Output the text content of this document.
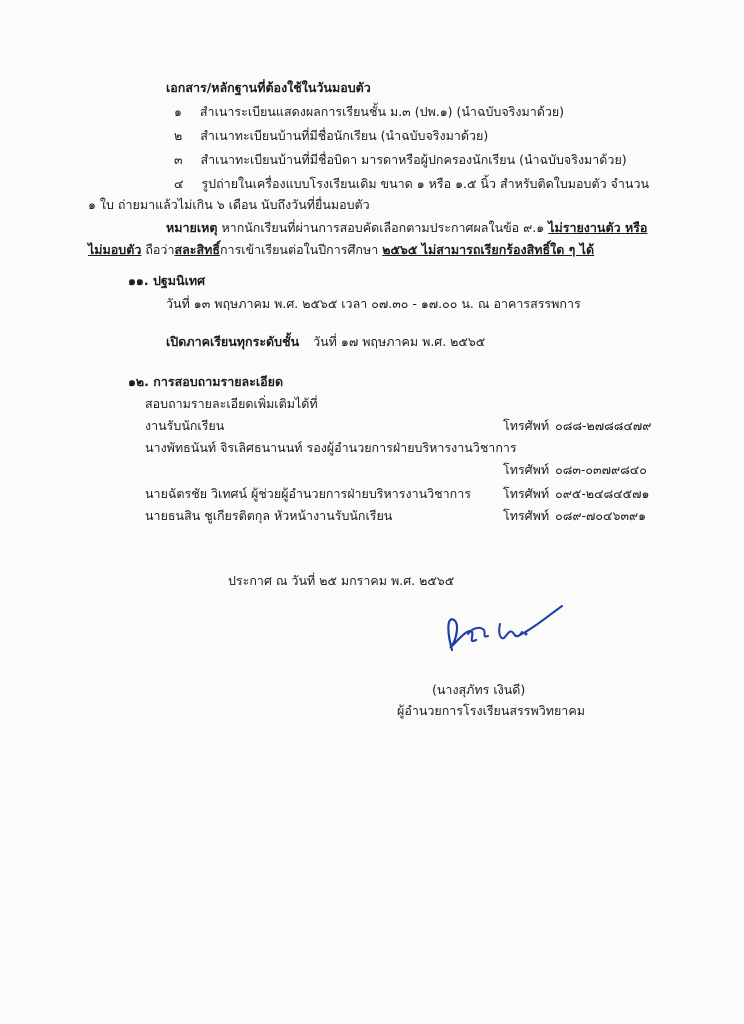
เอกสาร/หลักฐานที่ต้องใช้ในวันมอบตัว
๑ สำเนาระเบียนแสดงผลการเรียนชั้น ม.๓ (ปพ.๑) (นำฉบับจริงมาด้วย)
๒ สำเนาทะเบียนบ้านที่มีชื่อนักเรียน (นำฉบับจริงมาด้วย)
๓ สำเนาทะเบียนบ้านที่มีชื่อบิดา มารดาหรือผู้ปกครองนักเรียน (นำฉบับจริงมาด้วย)
๔ รูปถ่ายในเครื่องแบบโรงเรียนเดิม ขนาด ๑ หรือ ๑.๕ นิ้ว สำหรับติดใบมอบตัว จำนวน
๑ ใบ ถ่ายมาแล้วไม่เกิน ๖ เดือน นับถึงวันที่ยื่นมอบตัว
หมายเหตุ หากนักเรียนที่ผ่านการสอบคัดเลือกตามประกาศผลในข้อ ๙.๑ ไม่รายงานตัว หรือ
ไม่มอบตัว ถือว่าสละสิทธิ์การเข้าเรียนต่อในปีการศึกษา ๒๕๖๕ ไม่สามารถเรียกร้องสิทธิ์ใด ๆ ได้
๑๑. ปฐมนิเทศ
วันที่ ๑๓ พฤษภาคม พ.ศ. ๒๕๖๕ เวลา ๐๗.๓๐ - ๑๗.๐๐ น. ณ อาคารสรรพการ
เปิดภาคเรียนทุกระดับชั้น วันที่ ๑๗ พฤษภาคม พ.ศ. ๒๕๖๕
๑๒. การสอบถามรายละเอียด
สอบถามรายละเอียดเพิ่มเติมได้ที่
งานรับนักเรียน	โทรศัพท์ ๐๘๘-๒๗๘๘๔๗๙
นางพัทธนันท์ จิรเลิศธนานนท์ รองผู้อำนวยการฝ่ายบริหารงานวิชาการ
โทรศัพท์ ๐๘๓-๐๓๗๙๘๔๐
นายฉัตรชัย วิเทศน์ ผู้ช่วยผู้อำนวยการฝ่ายบริหารงานวิชาการ	โทรศัพท์ ๐๙๕-๒๔๘๔๕๗๑
นายธนสิน ชูเกียรติตกุล หัวหน้างานรับนักเรียน	โทรศัพท์ ๐๘๙-๗๐๔๖๓๙๑
ประกาศ ณ วันที่ ๒๕ มกราคม พ.ศ. ๒๕๖๕
(นางสุภัทร เงินดี)
ผู้อำนวยการโรงเรียนสรรพวิทยาคม
